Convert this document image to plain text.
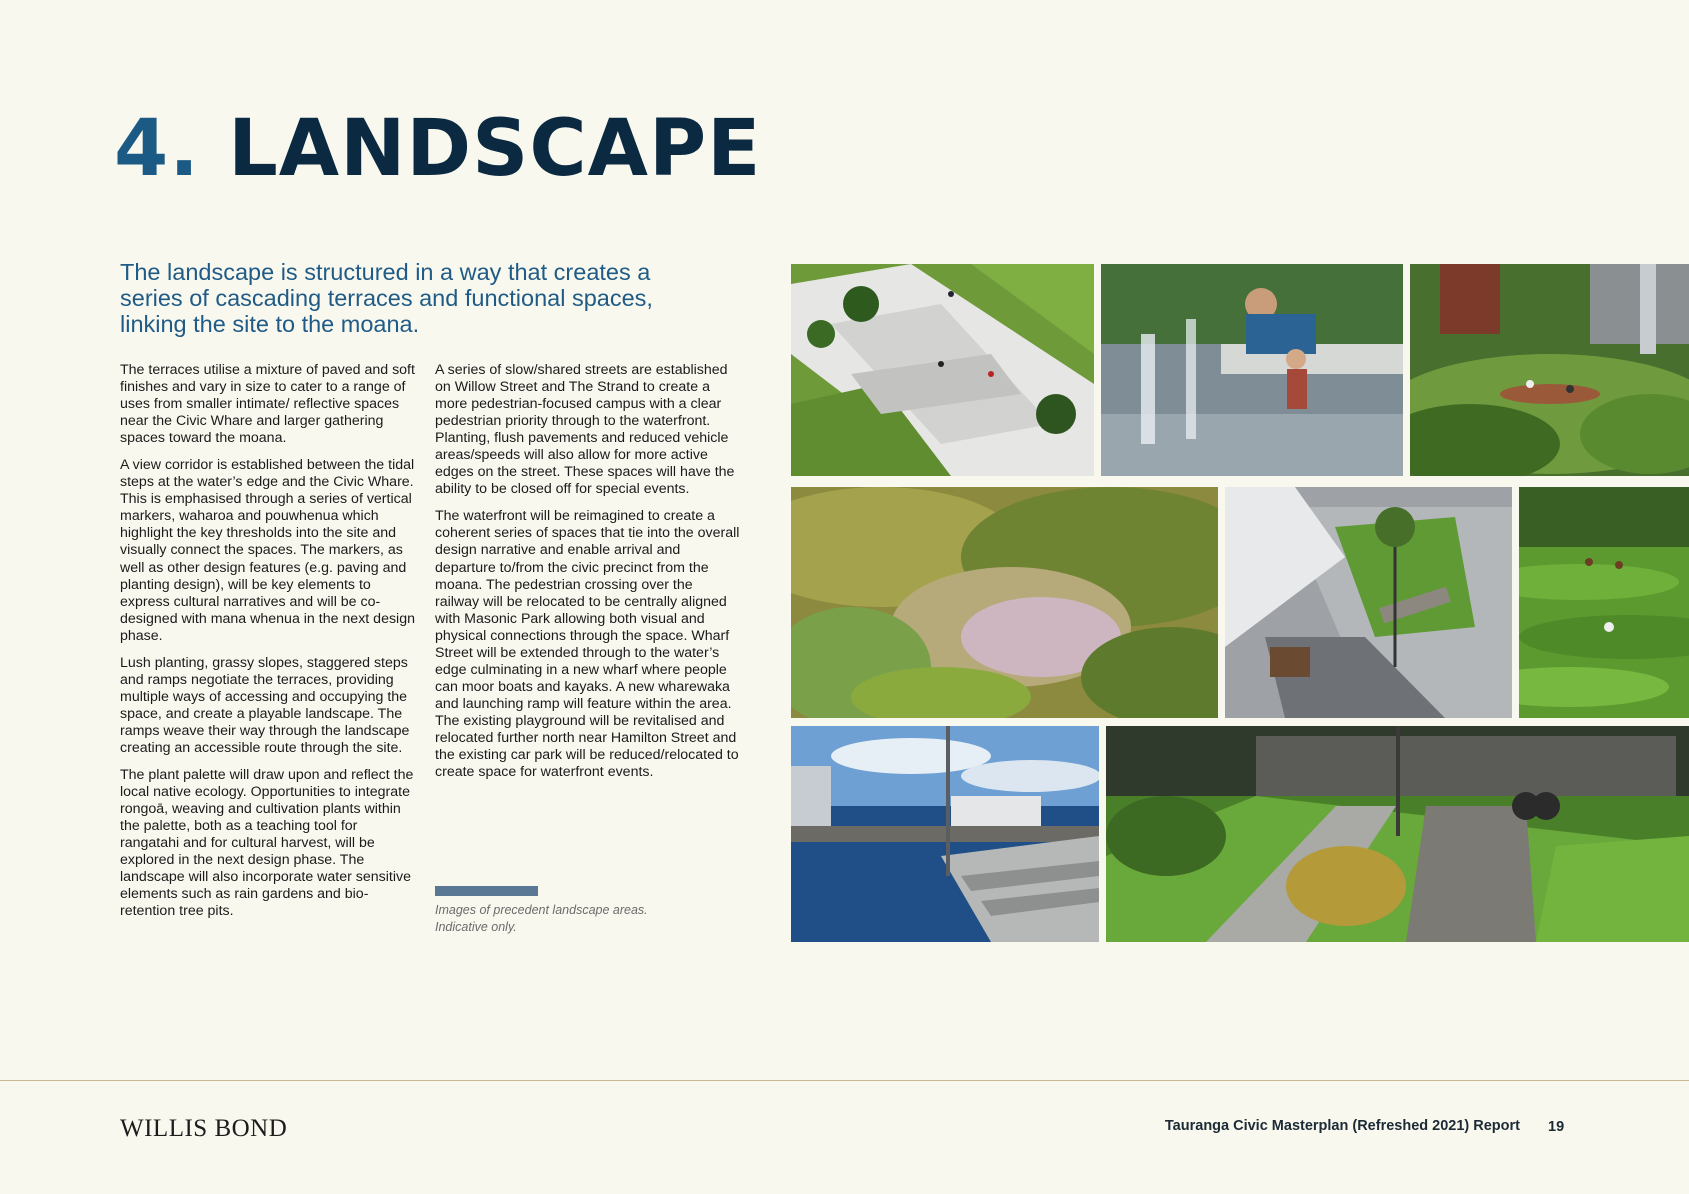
4. LANDSCAPE

The landscape is structured in a way that creates a series of cascading terraces and functional spaces, linking the site to the moana.

The terraces utilise a mixture of paved and soft finishes and vary in size to cater to a range of uses from smaller intimate/ reflective spaces near the Civic Whare and larger gathering spaces toward the moana.

A view corridor is established between the tidal steps at the water’s edge and the Civic Whare. This is emphasised through a series of vertical markers, waharoa and pouwhenua which highlight the key thresholds into the site and visually connect the spaces. The markers, as well as other design features (e.g. paving and planting design), will be key elements to express cultural narratives and will be co-designed with mana whenua in the next design phase.

Lush planting, grassy slopes, staggered steps and ramps negotiate the terraces, providing multiple ways of accessing and occupying the space, and create a playable landscape. The ramps weave their way through the landscape creating an accessible route through the site.

The plant palette will draw upon and reflect the local native ecology. Opportunities to integrate rongoā, weaving and cultivation plants within the palette, both as a teaching tool for rangatahi and for cultural harvest, will be explored in the next design phase. The landscape will also incorporate water sensitive elements such as rain gardens and bio-retention tree pits.

A series of slow/shared streets are established on Willow Street and The Strand to create a more pedestrian-focused campus with a clear pedestrian priority through to the waterfront. Planting, flush pavements and reduced vehicle areas/speeds will also allow for more active edges on the street. These spaces will have the ability to be closed off for special events.

The waterfront will be reimagined to create a coherent series of spaces that tie into the overall design narrative and enable arrival and departure to/from the civic precinct from the moana. The pedestrian crossing over the railway will be relocated to be centrally aligned with Masonic Park allowing both visual and physical connections through the space. Wharf Street will be extended through to the water’s edge culminating in a new wharf where people can moor boats and kayaks. A new wharewaka and launching ramp will feature within the area. The existing playground will be revitalised and relocated further north near Hamilton Street and the existing car park will be reduced/relocated to create space for waterfront events.

Images of precedent landscape areas. Indicative only.

WILLIS BOND	Tauranga Civic Masterplan (Refreshed 2021) Report 19
